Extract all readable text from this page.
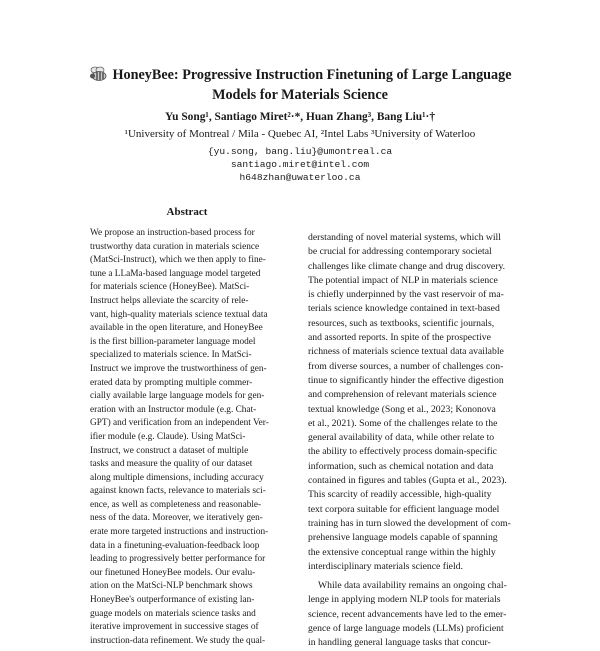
HoneyBee: Progressive Instruction Finetuning of Large Language

Models for Materials Science

Yu Song¹, Santiago Miret²·*, Huan Zhang³, Bang Liu¹·†
¹University of Montreal / Mila - Quebec AI, ²Intel Labs ³University of Waterloo
{yu.song, bang.liu}@umontreal.ca
santiago.miret@intel.com
h648zhan@uwaterloo.ca
Abstract
We propose an instruction-based process for
trustworthy data curation in materials science
(MatSci-Instruct), which we then apply to fine-
tune a LLaMa-based language model targeted
for materials science (HoneyBee). MatSci-
Instruct helps alleviate the scarcity of rele-
vant, high-quality materials science textual data
available in the open literature, and HoneyBee
is the first billion-parameter language model
specialized to materials science. In MatSci-
Instruct we improve the trustworthiness of gen-
erated data by prompting multiple commer-
cially available large language models for gen-
eration with an Instructor module (e.g. Chat-
GPT) and verification from an independent Ver-
ifier module (e.g. Claude). Using MatSci-
Instruct, we construct a dataset of multiple
tasks and measure the quality of our dataset
along multiple dimensions, including accuracy
against known facts, relevance to materials sci-
ence, as well as completeness and reasonable-
ness of the data. Moreover, we iteratively gen-
erate more targeted instructions and instruction-
data in a finetuning-evaluation-feedback loop
leading to progressively better performance for
our finetuned HoneyBee models. Our evalu-
ation on the MatSci-NLP benchmark shows
HoneyBee's outperformance of existing lan-
guage models on materials science tasks and
iterative improvement in successive stages of
instruction-data refinement. We study the qual-
derstanding of novel material systems, which will
be crucial for addressing contemporary societal
challenges like climate change and drug discovery.
The potential impact of NLP in materials science
is chiefly underpinned by the vast reservoir of ma-
terials science knowledge contained in text-based
resources, such as textbooks, scientific journals,
and assorted reports. In spite of the prospective
richness of materials science textual data available
from diverse sources, a number of challenges con-
tinue to significantly hinder the effective digestion
and comprehension of relevant materials science
textual knowledge (Song et al., 2023; Kononova
et al., 2021). Some of the challenges relate to the
general availability of data, while other relate to
the ability to effectively process domain-specific
information, such as chemical notation and data
contained in figures and tables (Gupta et al., 2023).
This scarcity of readily accessible, high-quality
text corpora suitable for efficient language model
training has in turn slowed the development of com-
prehensive language models capable of spanning
the extensive conceptual range within the highly
interdisciplinary materials science field.
While data availability remains an ongoing chal-
lenge in applying modern NLP tools for materials
science, recent advancements have led to the emer-
gence of large language models (LLMs) proficient
in handling general language tasks that concur-
